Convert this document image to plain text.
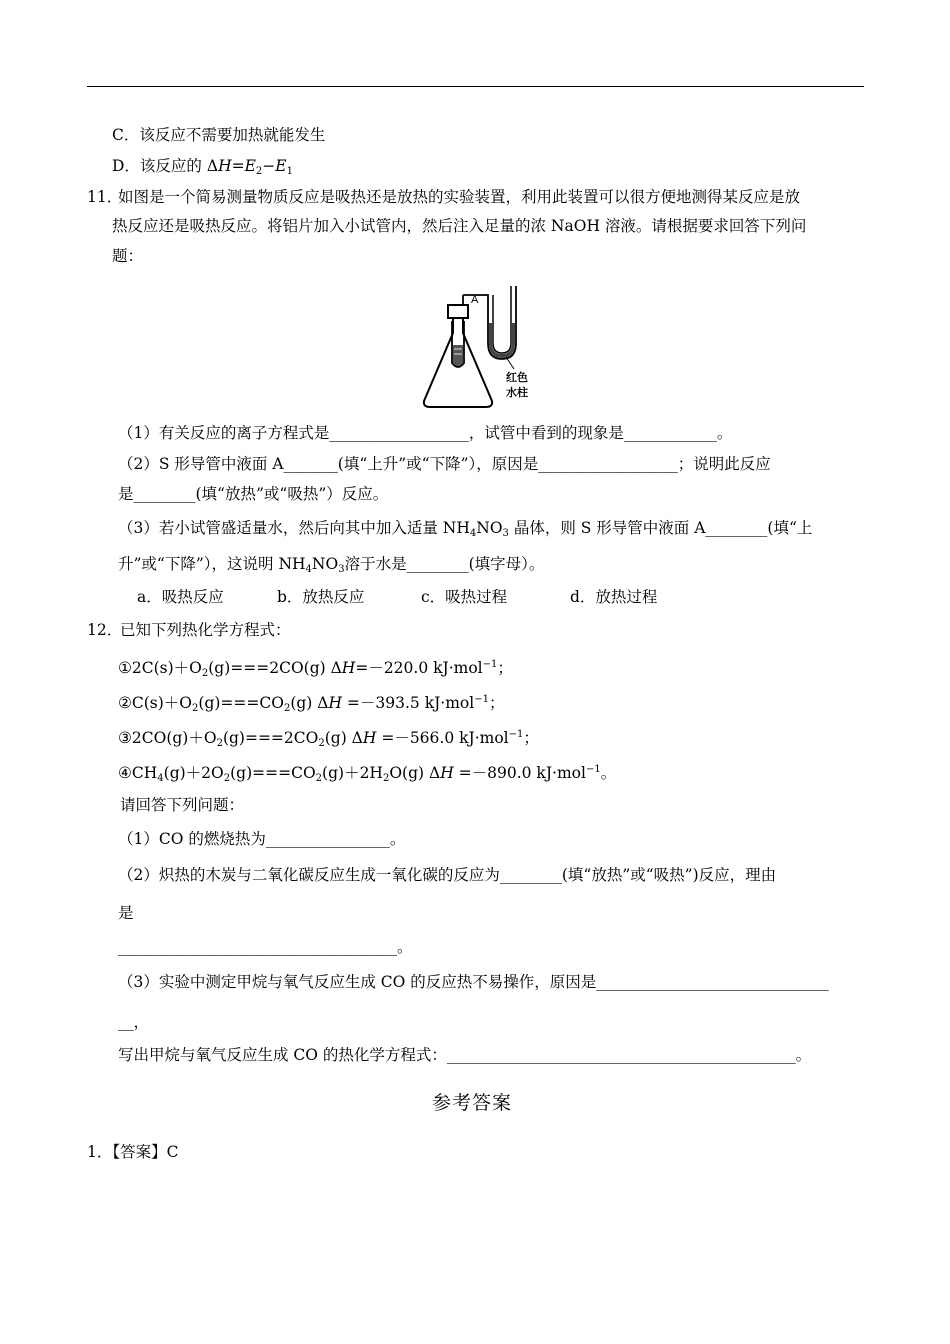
C．该反应不需要加热就能发生
D．该反应的 $\Delta H=E_2-E_1$
11．
如图是一个简易测量物质反应是吸热还是放热的实验装置，利用此装置可以很方便地测得某反应是放
热反应还是吸热反应。将铝片加入小试管内，然后注入足量的浓 NaOH 溶液。请根据要求回答下列问
题：
A
红色
水柱
（1）有关反应的离子方程式是__________________，试管中看到的现象是____________。
（2）S 形导管中液面 A_______(填“上升”或“下降”），原因是__________________；说明此反应
是________(填“放热”或“吸热”）反应。
（3）若小试管盛适量水，然后向其中加入适量 $NH_4NO_3$ 晶体，则 S 形导管中液面 A________(填“上
升”或“下降”），这说明 $NH_4NO_3$溶于水是________(填字母）。
a．吸热反应	b．放热反应	c．吸热过程	d．放热过程
12．
已知下列热化学方程式：
$①2C(s)+O_2(g)===2CO(g)$ ΔH=－220.0 kJ·mol$^{-1}$；
$②C(s)+O_2(g)===CO_2(g)$ ΔH =－393.5 kJ·mol$^{-1}$；
$③2CO(g)+O_2(g)===2CO_2(g)$ ΔH =－566.0 kJ·mol$^{-1}$；
$④CH_4(g)+2O_2(g)===CO_2(g)+2H_2O(g)$ ΔH =－890.0 kJ·mol$^{-1}$。
请回答下列问题：
（1）CO 的燃烧热为________________。
（2）炽热的木炭与二氧化碳反应生成一氧化碳的反应为________(填“放热”或“吸热”)反应，理由
是
____________________________________。
（3）实验中测定甲烷与氧气反应生成 CO 的反应热不易操作，原因是______________________________
__，
写出甲烷与氧气反应生成 CO 的热化学方程式：_____________________________________________。
参考答案
1．【答案】C
